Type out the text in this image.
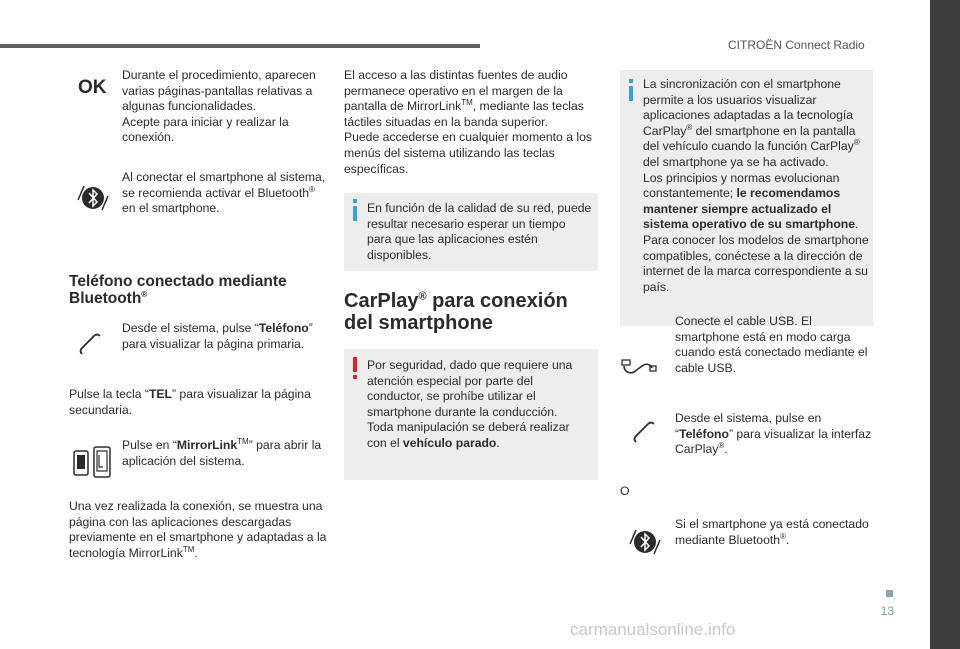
CITROËN Connect Radio
OK

Durante el procedimiento, aparecen varias páginas-pantallas relativas a algunas funcionalidades.

Acepte para iniciar y realizar la conexión.

Al conectar el smartphone al sistema, se recomienda activar el Bluetooth® en el smartphone.
Teléfono conectado mediante Bluetooth®
Desde el sistema, pulse “Teléfono” para visualizar la página primaria.
Pulse la tecla “TEL” para visualizar la página secundaria.
Pulse en “MirrorLink™” para abrir la aplicación del sistema.
Una vez realizada la conexión, se muestra una página con las aplicaciones descargadas previamente en el smartphone y adaptadas a la tecnología MirrorLink™.

El acceso a las distintas fuentes de audio permanece operativo en el margen de la pantalla de MirrorLink™, mediante las teclas táctiles situadas en la banda superior.

Puede accederse en cualquier momento a los menús del sistema utilizando las teclas específicas.

En función de la calidad de su red, puede resultar necesario esperar un tiempo para que las aplicaciones estén disponibles.
CarPlay® para conexión del smartphone

Por seguridad, dado que requiere una atención especial por parte del conductor, se prohíbe utilizar el smartphone durante la conducción.

Toda manipulación se deberá realizar con el vehículo parado.

La sincronización con el smartphone permite a los usuarios visualizar aplicaciones adaptadas a la tecnología CarPlay® del smartphone en la pantalla del vehículo cuando la función CarPlay® del smartphone ya se ha activado.

Los principios y normas evolucionan constantemente; le recomendamos mantener siempre actualizado el sistema operativo de su smartphone.

Para conocer los modelos de smartphone compatibles, conéctese a la dirección de internet de la marca correspondiente a su país.

Conecte el cable USB. El smartphone está en modo carga cuando está conectado mediante el cable USB.
Desde el sistema, pulse en “Teléfono” para visualizar la interfaz CarPlay®.
O
Si el smartphone ya está conectado mediante Bluetooth®.
13
carmanualsonline.info
